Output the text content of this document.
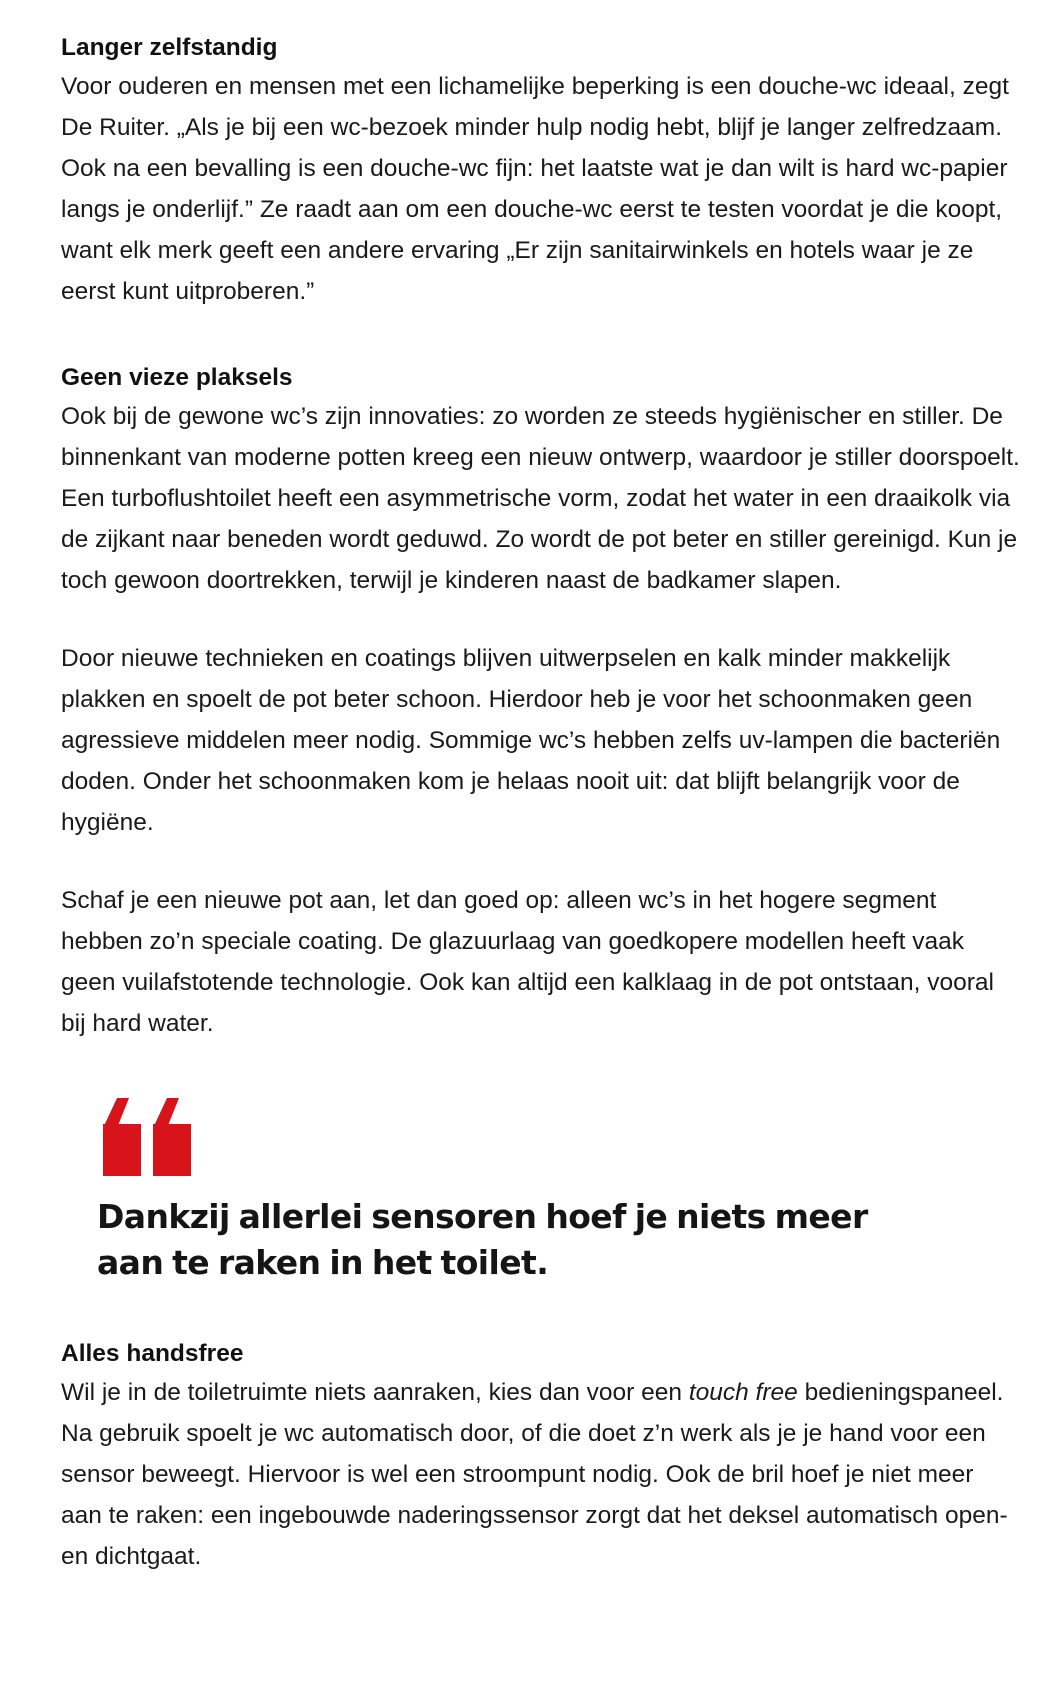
Langer zelfstandig

Voor ouderen en mensen met een lichamelijke beperking is een douche-wc ideaal, zegt De Ruiter. „Als je bij een wc-bezoek minder hulp nodig hebt, blijf je langer zelfredzaam. Ook na een bevalling is een douche-wc fijn: het laatste wat je dan wilt is hard wc-papier langs je onderlijf.” Ze raadt aan om een douche-wc eerst te testen voordat je die koopt, want elk merk geeft een andere ervaring „Er zijn sanitairwinkels en hotels waar je ze eerst kunt uitproberen.”

Geen vieze plaksels

Ook bij de gewone wc’s zijn innovaties: zo worden ze steeds hygiënischer en stiller. De binnenkant van moderne potten kreeg een nieuw ontwerp, waardoor je stiller doorspoelt. Een turboflushtoilet heeft een asymmetrische vorm, zodat het water in een draaikolk via de zijkant naar beneden wordt geduwd. Zo wordt de pot beter en stiller gereinigd. Kun je toch gewoon doortrekken, terwijl je kinderen naast de badkamer slapen.

Door nieuwe technieken en coatings blijven uitwerpselen en kalk minder makkelijk plakken en spoelt de pot beter schoon. Hierdoor heb je voor het schoonmaken geen agressieve middelen meer nodig. Sommige wc’s hebben zelfs uv-lampen die bacteriën doden. Onder het schoonmaken kom je helaas nooit uit: dat blijft belangrijk voor de hygiëne.

Schaf je een nieuwe pot aan, let dan goed op: alleen wc’s in het hogere segment hebben zo’n speciale coating. De glazuurlaag van goedkopere modellen heeft vaak geen vuilafstotende technologie. Ook kan altijd een kalklaag in de pot ontstaan, vooral bij hard water.

Dankzij allerlei sensoren hoef je niets meer aan te raken in het toilet.

Alles handsfree

Wil je in de toiletruimte niets aanraken, kies dan voor een touch free bedieningspaneel. Na gebruik spoelt je wc automatisch door, of die doet z’n werk als je je hand voor een sensor beweegt. Hiervoor is wel een stroompunt nodig. Ook de bril hoef je niet meer aan te raken: een ingebouwde naderingssensor zorgt dat het deksel automatisch open- en dichtgaat.
